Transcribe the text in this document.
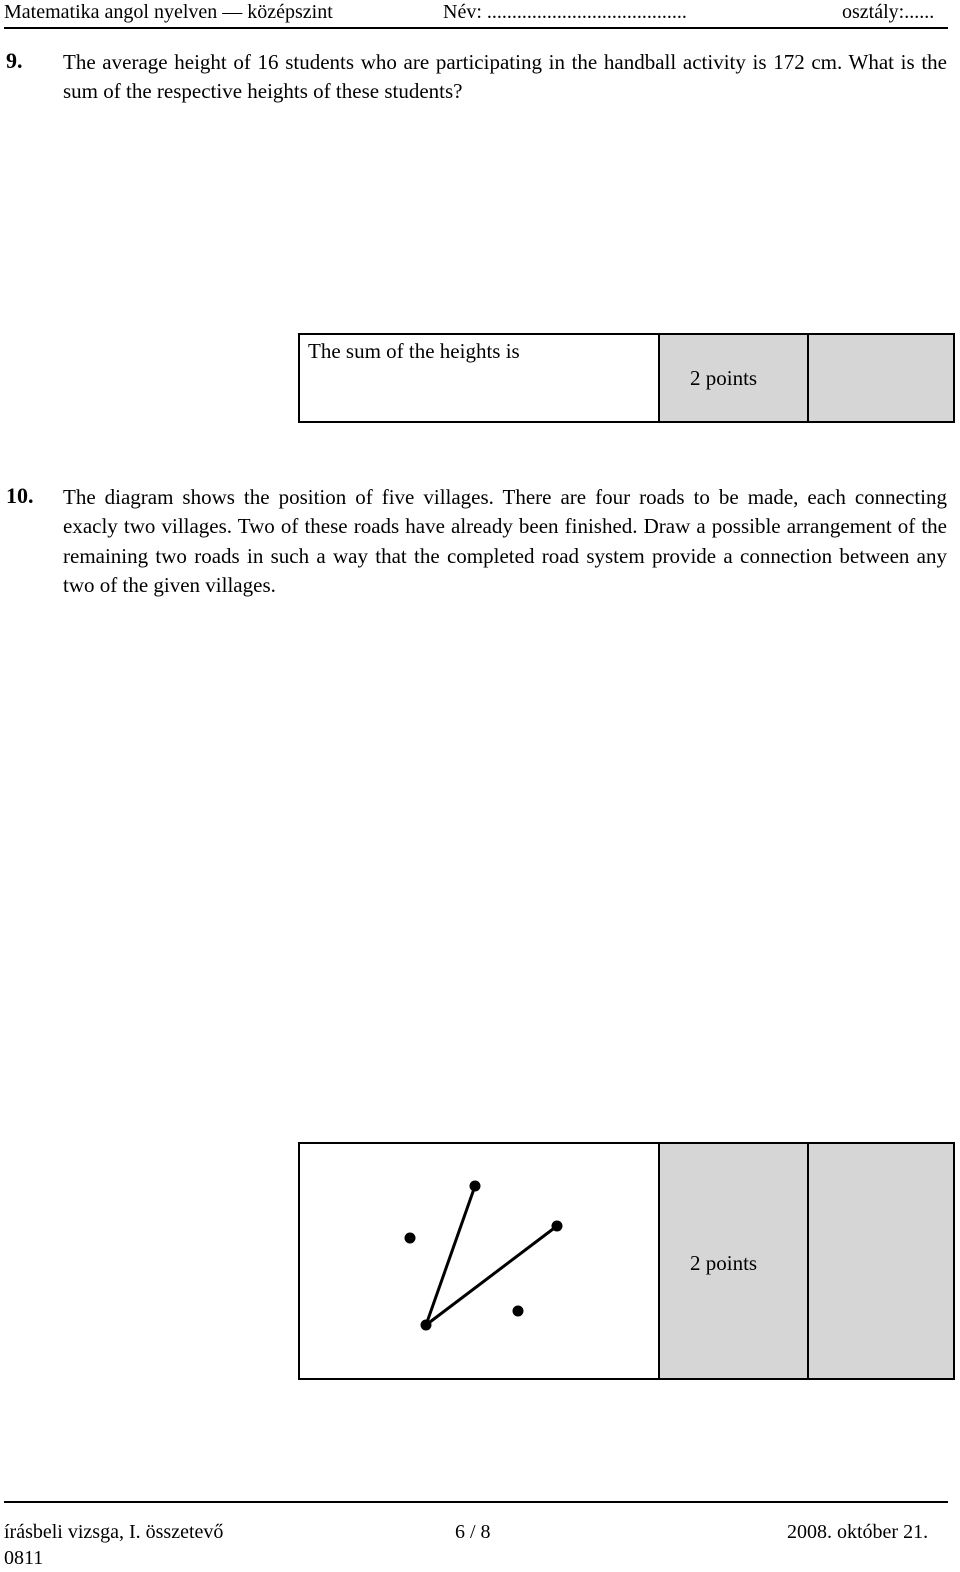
Matematika angol nyelven — középszint	Név: ........................................	osztály:......
9. The average height of 16 students who are participating in the handball activity is 172 cm. What is the sum of the respective heights of these students?
The sum of the heights is
2 points
10. The diagram shows the position of five villages. There are four roads to be made, each connecting exacly two villages. Two of these roads have already been finished. Draw a possible arrangement of the remaining two roads in such a way that the completed road system provide a connection between any two of the given villages.
2 points
írásbeli vizsga, I. összetevő
0811
6 / 8	2008. október 21.
